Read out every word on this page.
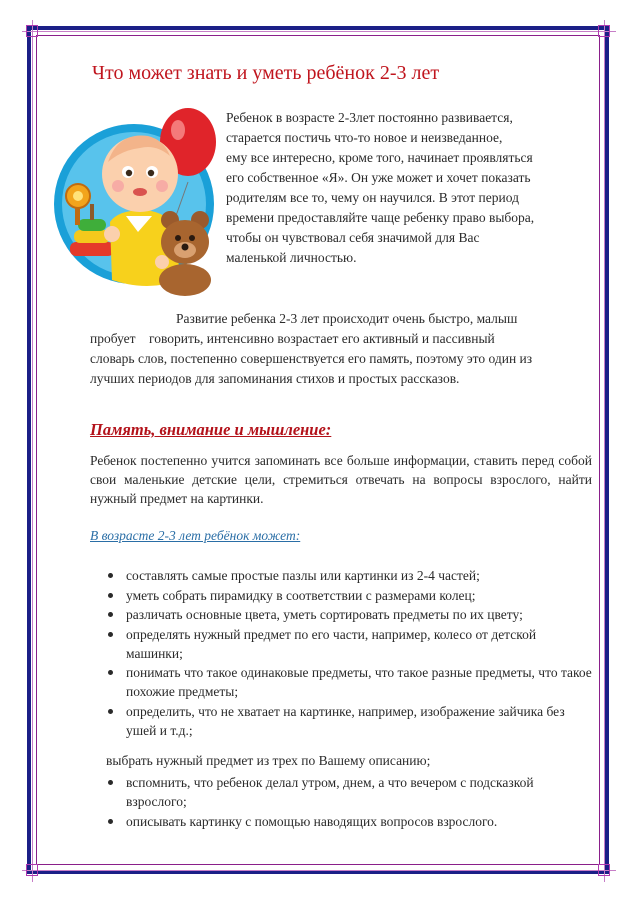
Что может знать и уметь ребёнок 2-3 лет
Ребенок в возрасте 2-3лет постоянно развивается,
старается постичь что-то новое и неизведанное,
ему все интересно, кроме того, начинает проявляться
его собственное «Я». Он уже может и хочет показать
родителям все то, чему он научился. В этот период
времени предоставляйте чаще ребенку право выбора,
чтобы он чувствовал себя значимой для Вас
маленькой личностью.
Развитие ребенка 2-3 лет происходит очень быстро, малыш
пробует    говорить, интенсивно возрастает его активный и пассивный
словарь слов, постепенно совершенствуется его память, поэтому это один из
лучших периодов для запоминания стихов и простых рассказов.
Память, внимание и мышление:

Ребенок постепенно учится запоминать все больше информации, ставить перед собой свои маленькие детские цели, стремиться отвечать на вопросы взрослого, найти нужный предмет на картинки.

В возрасте 2-3 лет ребёнок может:

составлять самые простые пазлы или картинки из 2-4 частей;
уметь собрать пирамидку в соответствии с размерами колец;
различать основные цвета, уметь сортировать предметы по их цвету;
определять нужный предмет по его части, например, колесо от детской машинки;
понимать что такое одинаковые предметы, что такое разные предметы, что такое похожие предметы;
определить, что не хватает на картинке, например, изображение зайчика без ушей и т.д.;

выбрать нужный предмет из трех по Вашему описанию;

вспомнить, что ребенок делал утром, днем, а что вечером с подсказкой взрослого;
описывать картинку с помощью наводящих вопросов взрослого.
